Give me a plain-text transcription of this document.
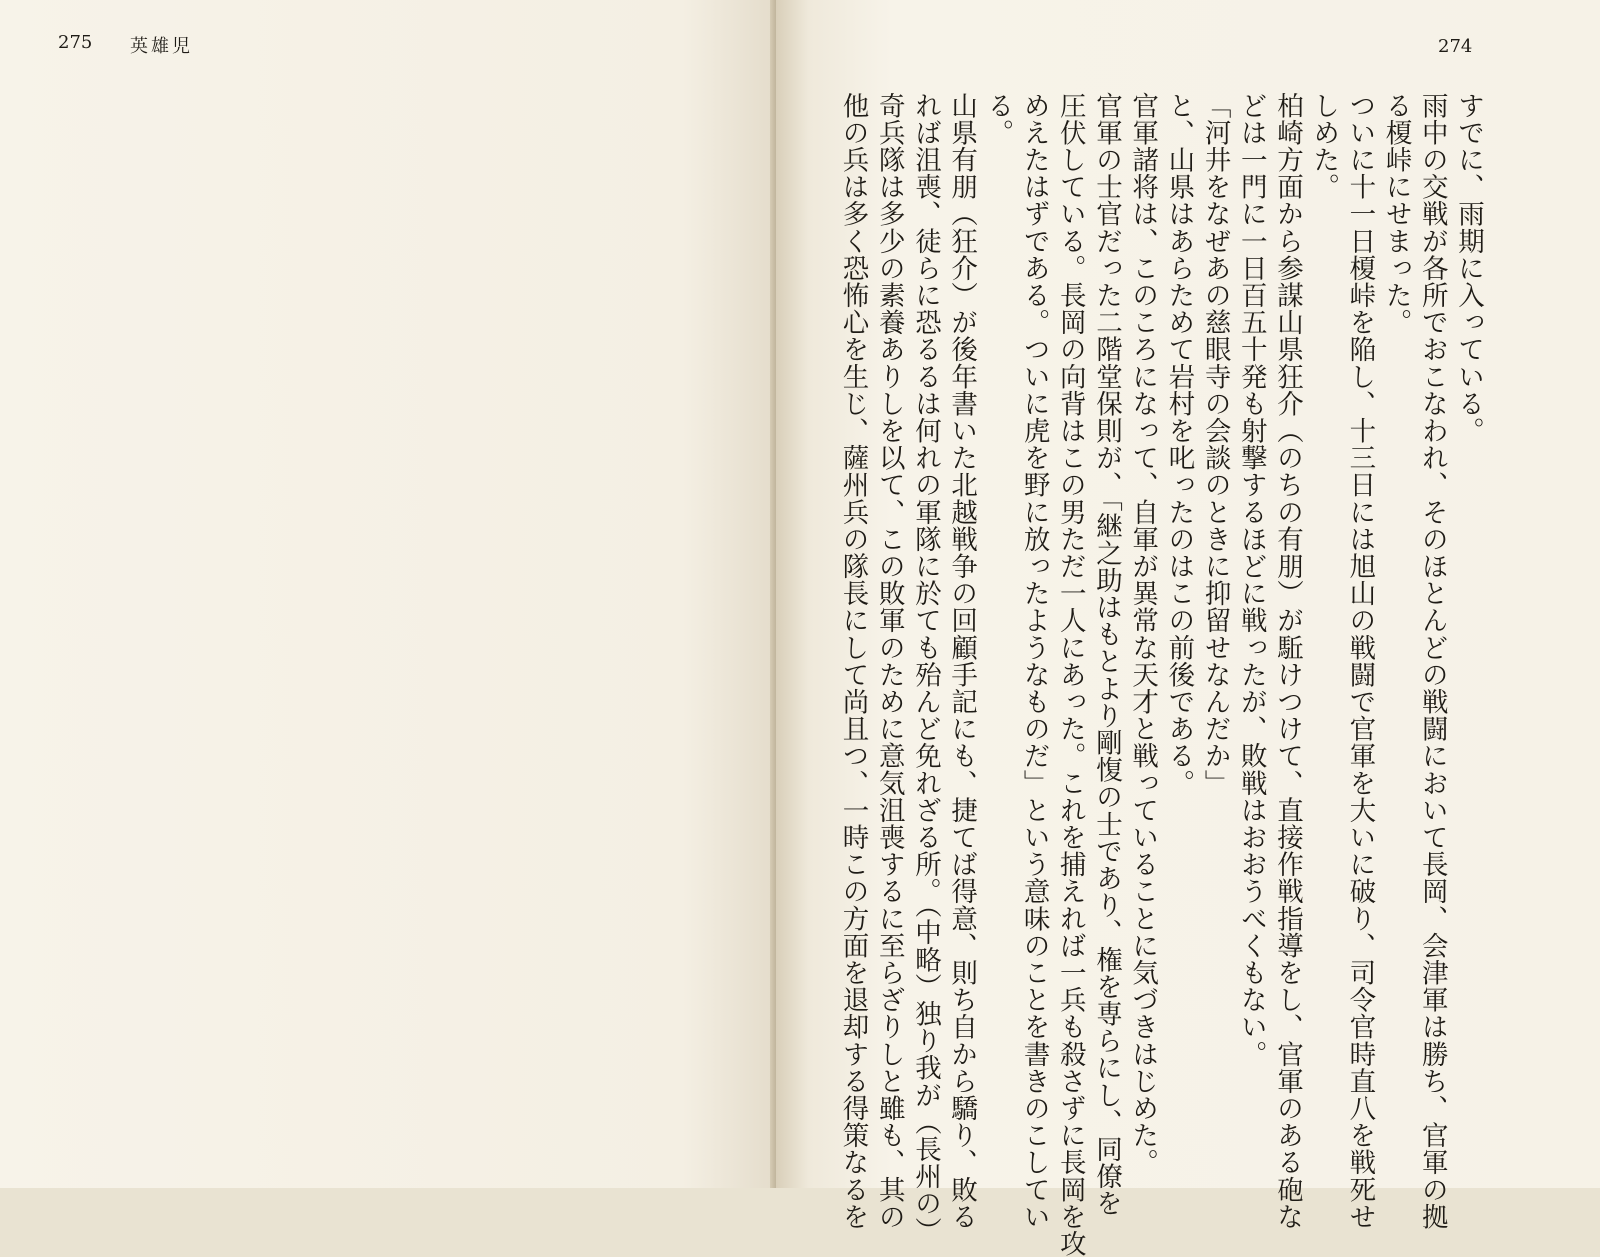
275 英雄児	274
すでに、雨期に入っている。
雨中の交戦が各所でおこなわれ、そのほとんどの戦闘において長岡、会津軍は勝ち、官軍の拠
る榎峠にせまった。
ついに十一日榎峠を陥し、十三日には旭山の戦闘で官軍を大いに破り、司令官時直八を戦死せ
しめた。
柏崎方面から参謀山県狂介（のちの有朋）が駈けつけて、直接作戦指導をし、官軍のある砲な
どは一門に一日百五十発も射撃するほどに戦ったが、敗戦はおおうべくもない。
「河井をなぜあの慈眼寺の会談のときに抑留せなんだか」
と、山県はあらためて岩村を叱ったのはこの前後である。
官軍諸将は、このころになって、自軍が異常な天才と戦っていることに気づきはじめた。
官軍の士官だった二階堂保則が、「継之助はもとより剛愎の士であり、権を専らにし、同僚を
圧伏している。長岡の向背はこの男ただ一人にあった。これを捕えれば一兵も殺さずに長岡を攻
めえたはずである。ついに虎を野に放ったようなものだ」という意味のことを書きのこしてい
る。
山県有朋（狂介）が後年書いた北越戦争の回顧手記にも、捷てば得意、則ち自から驕り、敗る
れば沮喪、徒らに恐るるは何れの軍隊に於ても殆んど免れざる所。（中略）独り我が（長州の）
奇兵隊は多少の素養ありしを以て、この敗軍のために意気沮喪するに至らざりしと雖も、其の
他の兵は多く恐怖心を生じ、薩州兵の隊長にして尚且つ、一時この方面を退却する得策なるを
